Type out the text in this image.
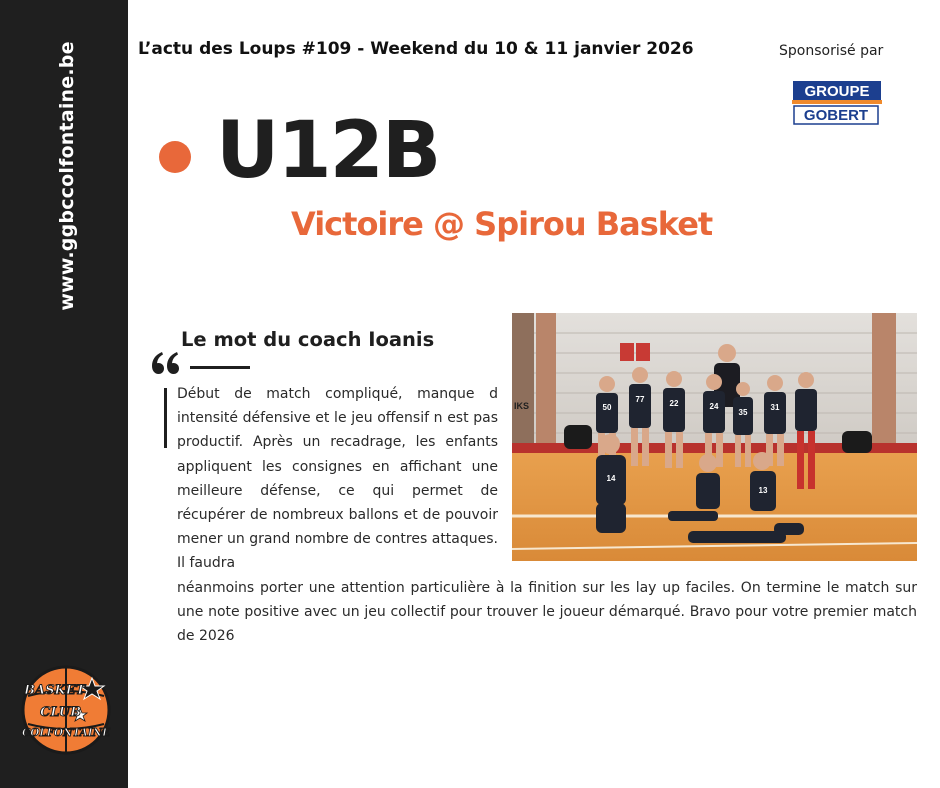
www.ggbccolfontaine.be
BASKET
CLUB
COLFONTAINE
L’actu des Loups #109 - Weekend du 10 & 11 janvier 2026	Sponsorisé par
GROUPE
GOBERT
U12B
Victoire @ Spirou Basket
Le mot du coach Ioanis
Début de match compliqué, manque d intensité défensive et le jeu offensif n est pas productif. Après un recadrage, les enfants appliquent les consignes en affichant une meilleure défense, ce qui permet de récupérer de nombreux ballons et de pouvoir mener un grand nombre de contres attaques. Il faudra
néanmoins porter une attention particulière à la finition sur les lay up faciles. On termine le match sur une note positive avec un jeu collectif pour trouver le joueur démarqué. Bravo pour votre premier match de 2026
IKS	50
77	22	24
35
31
14
13
